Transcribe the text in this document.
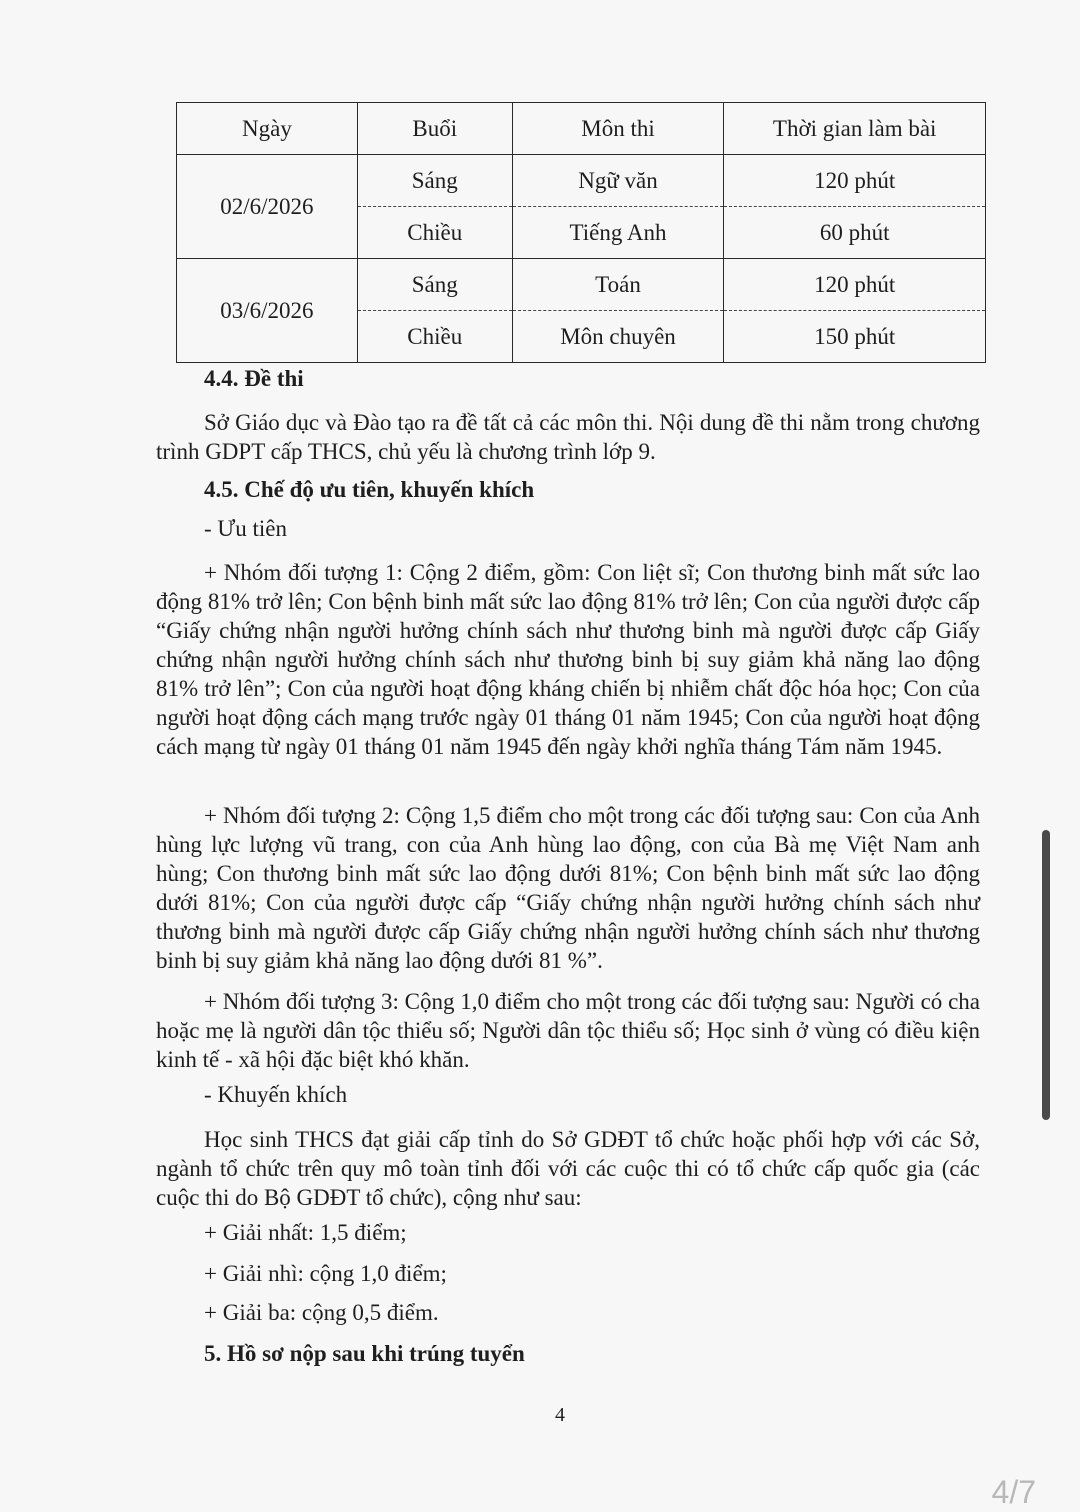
Ngày	Buổi	Môn thi	Thời gian làm bài
02/6/2026	Sáng	Ngữ văn	120 phút
	Chiều	Tiếng Anh	60 phút
03/6/2026	Sáng	Toán	120 phút
	Chiều	Môn chuyên	150 phút
4.4. Đề thi

Sở Giáo dục và Đào tạo ra đề tất cả các môn thi. Nội dung đề thi nằm trong chương trình GDPT cấp THCS, chủ yếu là chương trình lớp 9.

4.5. Chế độ ưu tiên, khuyến khích
- Ưu tiên

+ Nhóm đối tượng 1: Cộng 2 điểm, gồm: Con liệt sĩ; Con thương binh mất sức lao động 81% trở lên; Con bệnh binh mất sức lao động 81% trở lên; Con của người được cấp “Giấy chứng nhận người hưởng chính sách như thương binh mà người được cấp Giấy chứng nhận người hưởng chính sách như thương binh bị suy giảm khả năng lao động 81% trở lên”; Con của người hoạt động kháng chiến bị nhiễm chất độc hóa học; Con của người hoạt động cách mạng trước ngày 01 tháng 01 năm 1945; Con của người hoạt động cách mạng từ ngày 01 tháng 01 năm 1945 đến ngày khởi nghĩa tháng Tám năm 1945.

+ Nhóm đối tượng 2: Cộng 1,5 điểm cho một trong các đối tượng sau: Con của Anh hùng lực lượng vũ trang, con của Anh hùng lao động, con của Bà mẹ Việt Nam anh hùng; Con thương binh mất sức lao động dưới 81%; Con bệnh binh mất sức lao động dưới 81%; Con của người được cấp “Giấy chứng nhận người hưởng chính sách như thương binh mà người được cấp Giấy chứng nhận người hưởng chính sách như thương binh bị suy giảm khả năng lao động dưới 81 %”.

+ Nhóm đối tượng 3: Cộng 1,0 điểm cho một trong các đối tượng sau: Người có cha hoặc mẹ là người dân tộc thiểu số; Người dân tộc thiểu số; Học sinh ở vùng có điều kiện kinh tế - xã hội đặc biệt khó khăn.

- Khuyến khích

Học sinh THCS đạt giải cấp tỉnh do Sở GDĐT tổ chức hoặc phối hợp với các Sở, ngành tổ chức trên quy mô toàn tỉnh đối với các cuộc thi có tổ chức cấp quốc gia (các cuộc thi do Bộ GDĐT tổ chức), cộng như sau:

+ Giải nhất: 1,5 điểm;
+ Giải nhì: cộng 1,0 điểm;
+ Giải ba: cộng 0,5 điểm.
5. Hồ sơ nộp sau khi trúng tuyển
4
4/7
